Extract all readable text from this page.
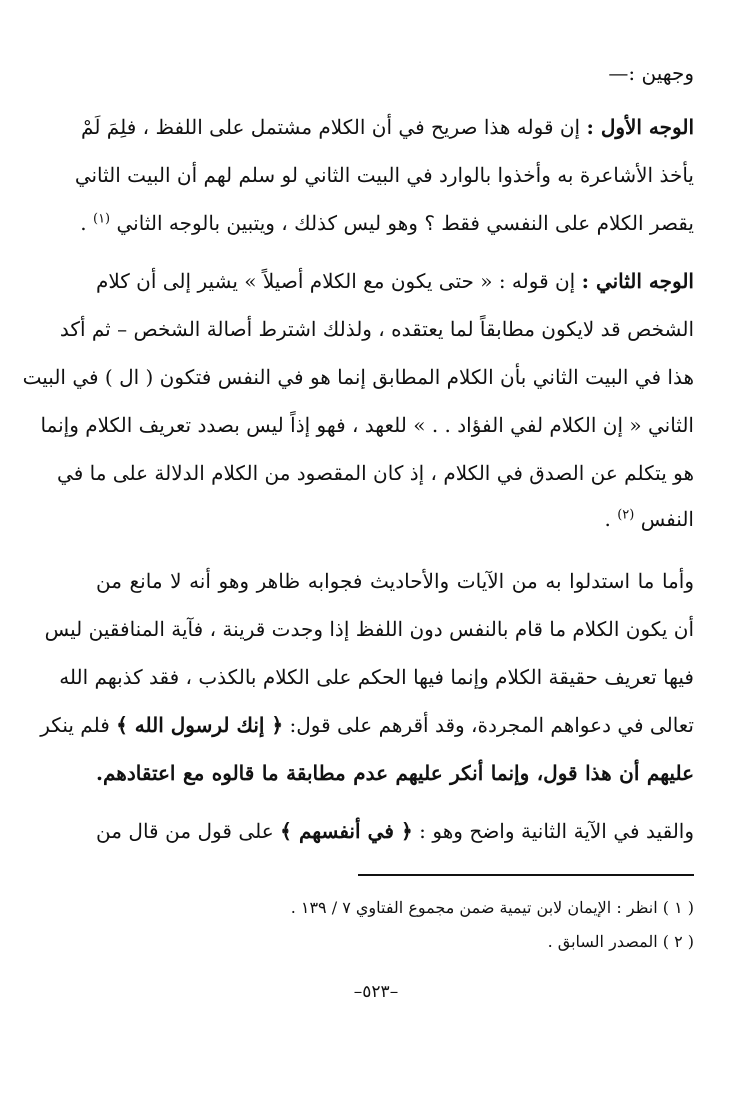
وجهين :—
الوجه الأول : إن قوله هذا صريح في أن الكلام مشتمل على اللفظ ، فلِمَ لَمْ
يأخذ الأشاعرة به وأخذوا بالوارد في البيت الثاني لو سلم لهم أن البيت الثاني
يقصر الكلام على النفسي فقط ؟ وهو ليس كذلك ، ويتبين بالوجه الثاني $^{(١)}$ .
الوجه الثاني : إن قوله : « حتى يكون مع الكلام أصيلاً » يشير إلى أن كلام
الشخص قد لايكون مطابقاً لما يعتقده ، ولذلك اشترط أصالة الشخص – ثم أكد
هذا في البيت الثاني بأن الكلام المطابق إنما هو في النفس فتكون ( ال ) في البيت
الثاني « إن الكلام لفي الفؤاد . . » للعهد ، فهو إذاً ليس بصدد تعريف الكلام وإنما
هو يتكلم عن الصدق في الكلام ، إذ كان المقصود من الكلام الدلالة على ما في
النفس $^{(٢)}$ .
وأما ما استدلوا به من الآيات والأحاديث فجوابه ظاهر وهو أنه لا مانع من
أن يكون الكلام ما قام بالنفس دون اللفظ إذا وجدت قرينة ، فآية المنافقين ليس
فيها تعريف حقيقة الكلام وإنما فيها الحكم على الكلام بالكذب ، فقد كذبهم الله
تعالى في دعواهم المجردة، وقد أقرهم على قول: ﴿ إنك لرسول الله ﴾ فلم ينكر
عليهم أن هذا قول، وإنما أنكر عليهم عدم مطابقة ما قالوه مع اعتقادهم.
والقيد في الآية الثانية واضح وهو : ﴿ في أنفسهم ﴾ على قول من قال من
( ١ ) انظر : الإيمان لابن تيمية ضمن مجموع الفتاوي ٧ / ١٣٩ .
( ٢ ) المصدر السابق .
–٥٢٣–
